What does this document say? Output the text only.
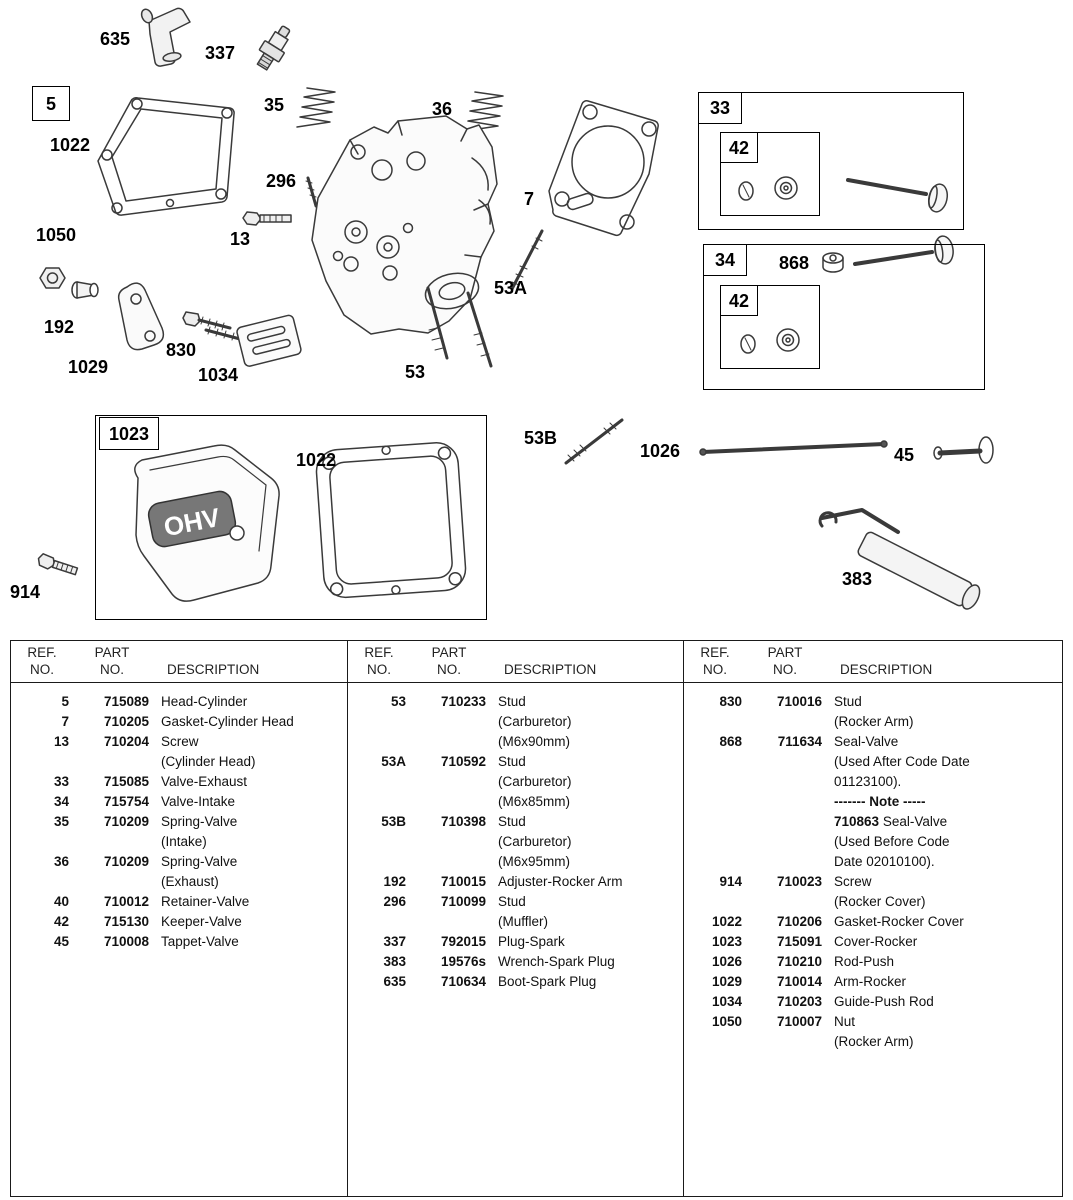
OHV
5	33
42
34
42
1023
635
337
1022
35	36
296
7
13
1050
53A
192
830
1029	1034	53
868
1022
53B
1026	45
914
383
REF.
NO.
PART
NO.	DESCRIPTION
5	715089 Head-Cylinder
7	710205 Gasket-Cylinder Head
13	710204 Screw
(Cylinder Head)
33	715085 Valve-Exhaust
34	715754 Valve-Intake
35	710209 Spring-Valve
(Intake)
36	710209 Spring-Valve
(Exhaust)
40	710012 Retainer-Valve
42	715130 Keeper-Valve
45	710008 Tappet-Valve
REF.
NO.
PART
NO.	DESCRIPTION
53	710233 Stud
(Carburetor)
(M6x90mm)
53A	710592 Stud
(Carburetor)
(M6x85mm)
53B	710398 Stud
(Carburetor)
(M6x95mm)
192	710015 Adjuster-Rocker Arm
296	710099 Stud
(Muffler)
337	792015 Plug-Spark
383	19576s Wrench-Spark Plug
635	710634 Boot-Spark Plug
REF.
NO.
PART
NO.	DESCRIPTION
830	710016 Stud
(Rocker Arm)
868	711634 Seal-Valve
(Used After Code Date
01123100).
------- Note -----
710863 Seal-Valve
(Used Before Code
Date 02010100).
914	710023 Screw
(Rocker Cover)
1022	710206 Gasket-Rocker Cover
1023	715091 Cover-Rocker
1026	710210 Rod-Push
1029	710014 Arm-Rocker
1034	710203 Guide-Push Rod
1050	710007 Nut
(Rocker Arm)
